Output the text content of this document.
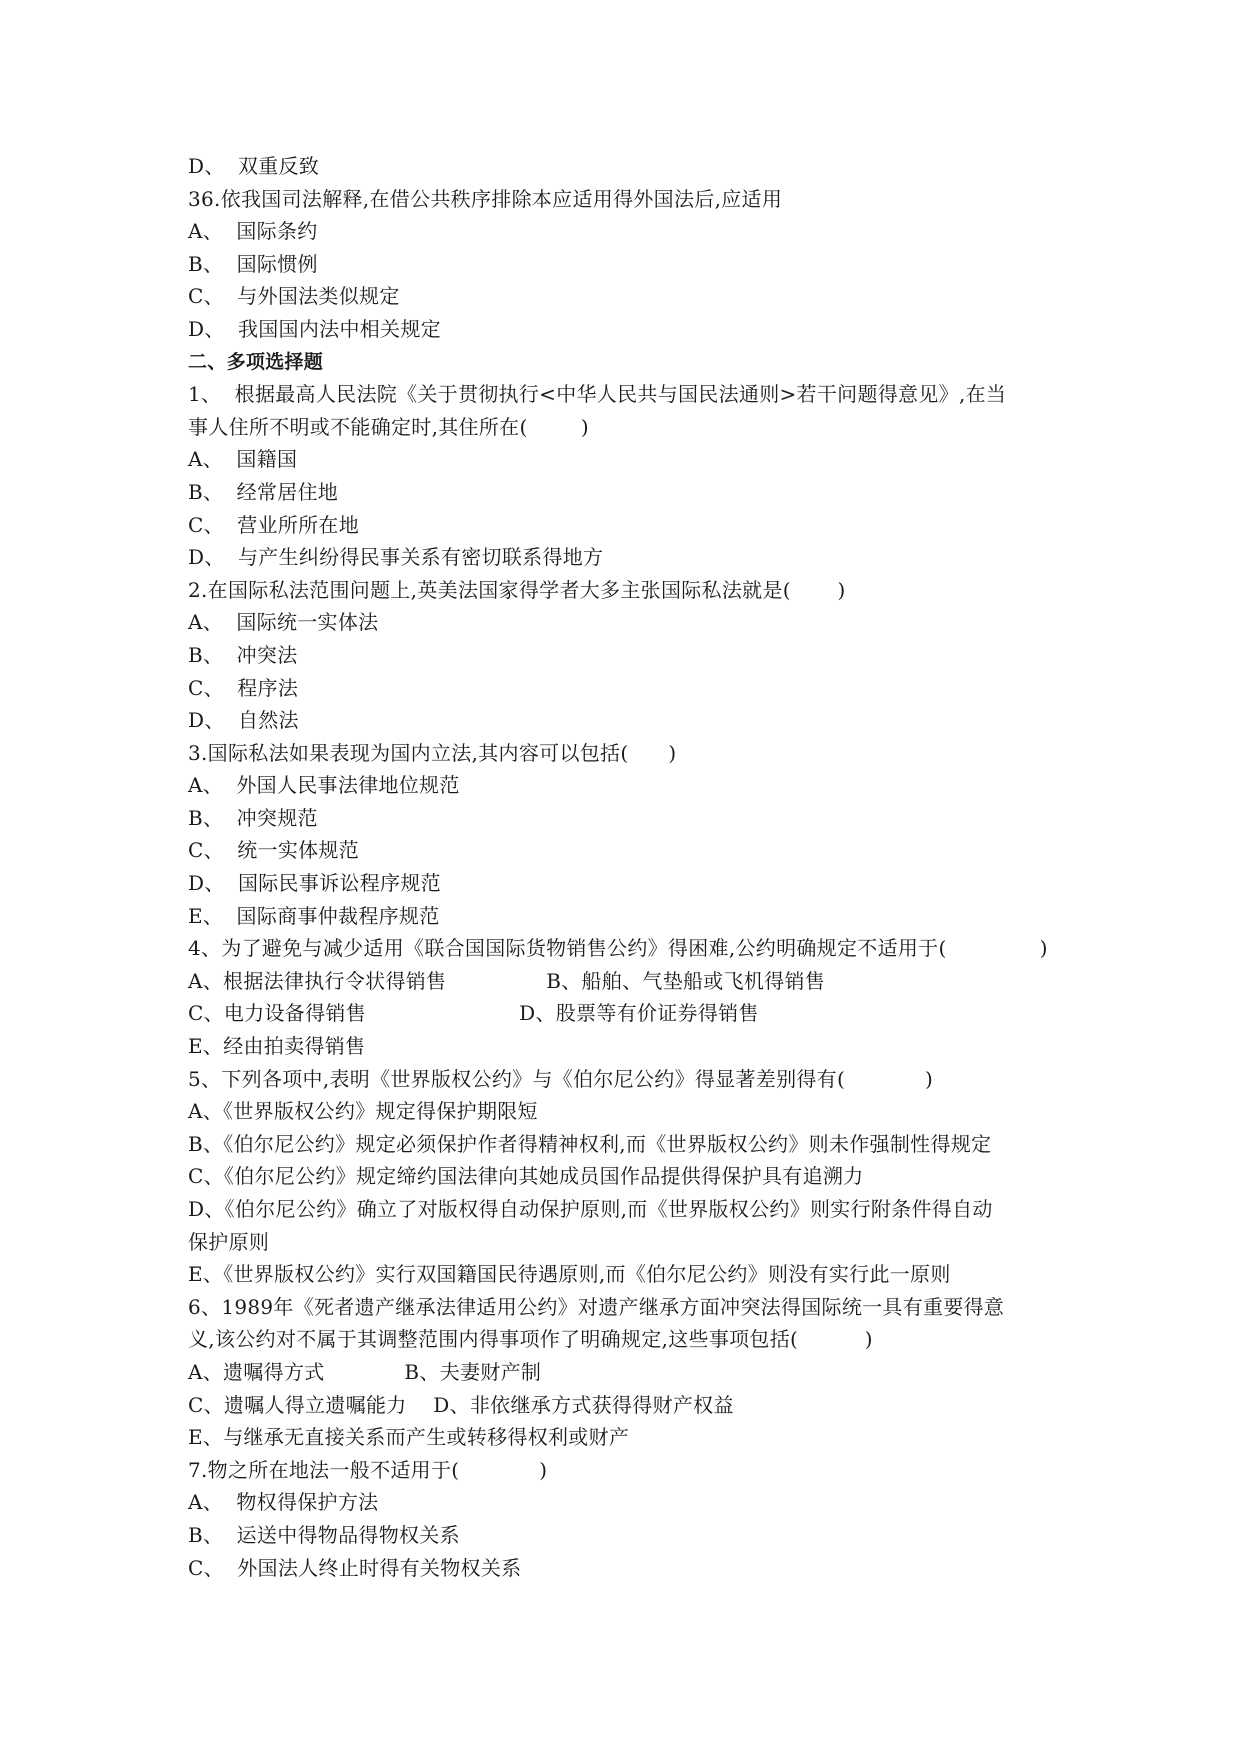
D、  双重反致
36.依我国司法解释,在借公共秩序排除本应适用得外国法后,应适用
A、  国际条约
B、  国际惯例
C、  与外国法类似规定
D、  我国国内法中相关规定
二、多项选择题
1、  根据最高人民法院《关于贯彻执行<中华人民共与国民法通则>若干问题得意见》,在当
事人住所不明或不能确定时,其住所在(        )
A、  国籍国
B、  经常居住地
C、  营业所所在地
D、  与产生纠纷得民事关系有密切联系得地方
2.在国际私法范围问题上,英美法国家得学者大多主张国际私法就是(       )
A、  国际统一实体法
B、  冲突法
C、  程序法
D、  自然法
3.国际私法如果表现为国内立法,其内容可以包括(      )
A、  外国人民事法律地位规范
B、  冲突规范
C、  统一实体规范
D、  国际民事诉讼程序规范
E、  国际商事仲裁程序规范
4、为了避免与减少适用《联合国国际货物销售公约》得困难,公约明确规定不适用于(              )
A、根据法律执行令状得销售               B、船舶、气垫船或飞机得销售
C、电力设备得销售                       D、股票等有价证券得销售
E、经由拍卖得销售
5、下列各项中,表明《世界版权公约》与《伯尔尼公约》得显著差别得有(            )
A、《世界版权公约》规定得保护期限短
B、《伯尔尼公约》规定必须保护作者得精神权利,而《世界版权公约》则未作强制性得规定
C、《伯尔尼公约》规定缔约国法律向其她成员国作品提供得保护具有追溯力
D、《伯尔尼公约》确立了对版权得自动保护原则,而《世界版权公约》则实行附条件得自动
保护原则
E、《世界版权公约》实行双国籍国民待遇原则,而《伯尔尼公约》则没有实行此一原则
6、1989年《死者遗产继承法律适用公约》对遗产继承方面冲突法得国际统一具有重要得意
义,该公约对不属于其调整范围内得事项作了明确规定,这些事项包括(          )
A、遗嘱得方式            B、夫妻财产制
C、遗嘱人得立遗嘱能力    D、非依继承方式获得得财产权益
E、与继承无直接关系而产生或转移得权利或财产
7.物之所在地法一般不适用于(            )
A、  物权得保护方法
B、  运送中得物品得物权关系
C、  外国法人终止时得有关物权关系
